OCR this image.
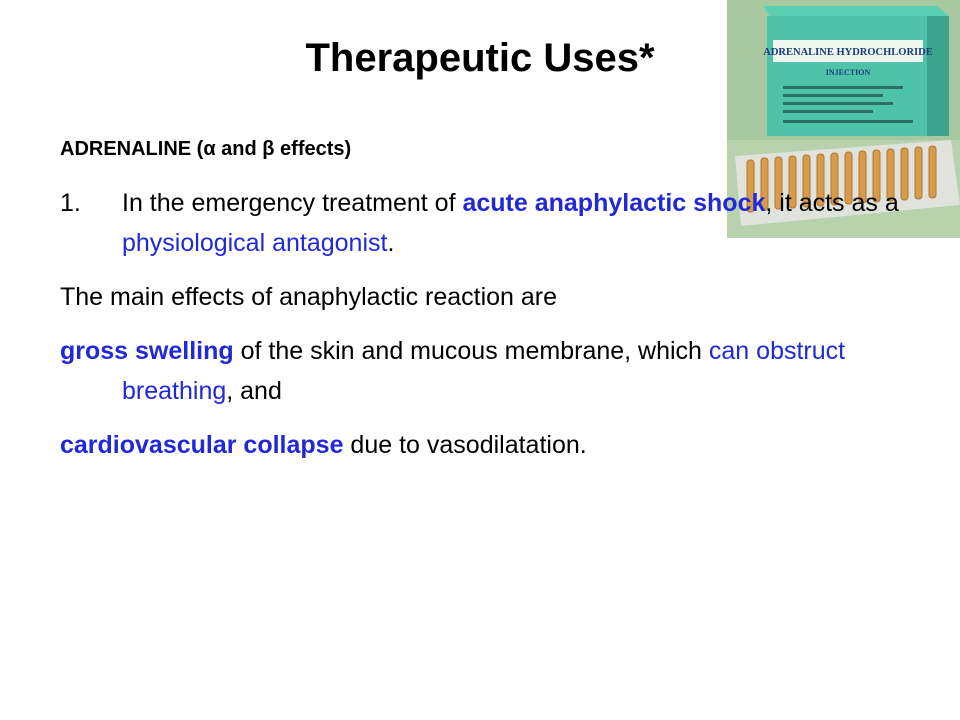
Therapeutic Uses*	ADRENALINE HYDROCHLORIDE
INJECTION
ADRENALINE (α and β effects)
1. In the emergency treatment of acute anaphylactic shock, it acts as a physiological antagonist.
The main effects of anaphylactic reaction are
gross swelling of the skin and mucous membrane, which can obstruct breathing, and
cardiovascular collapse due to vasodilatation.
